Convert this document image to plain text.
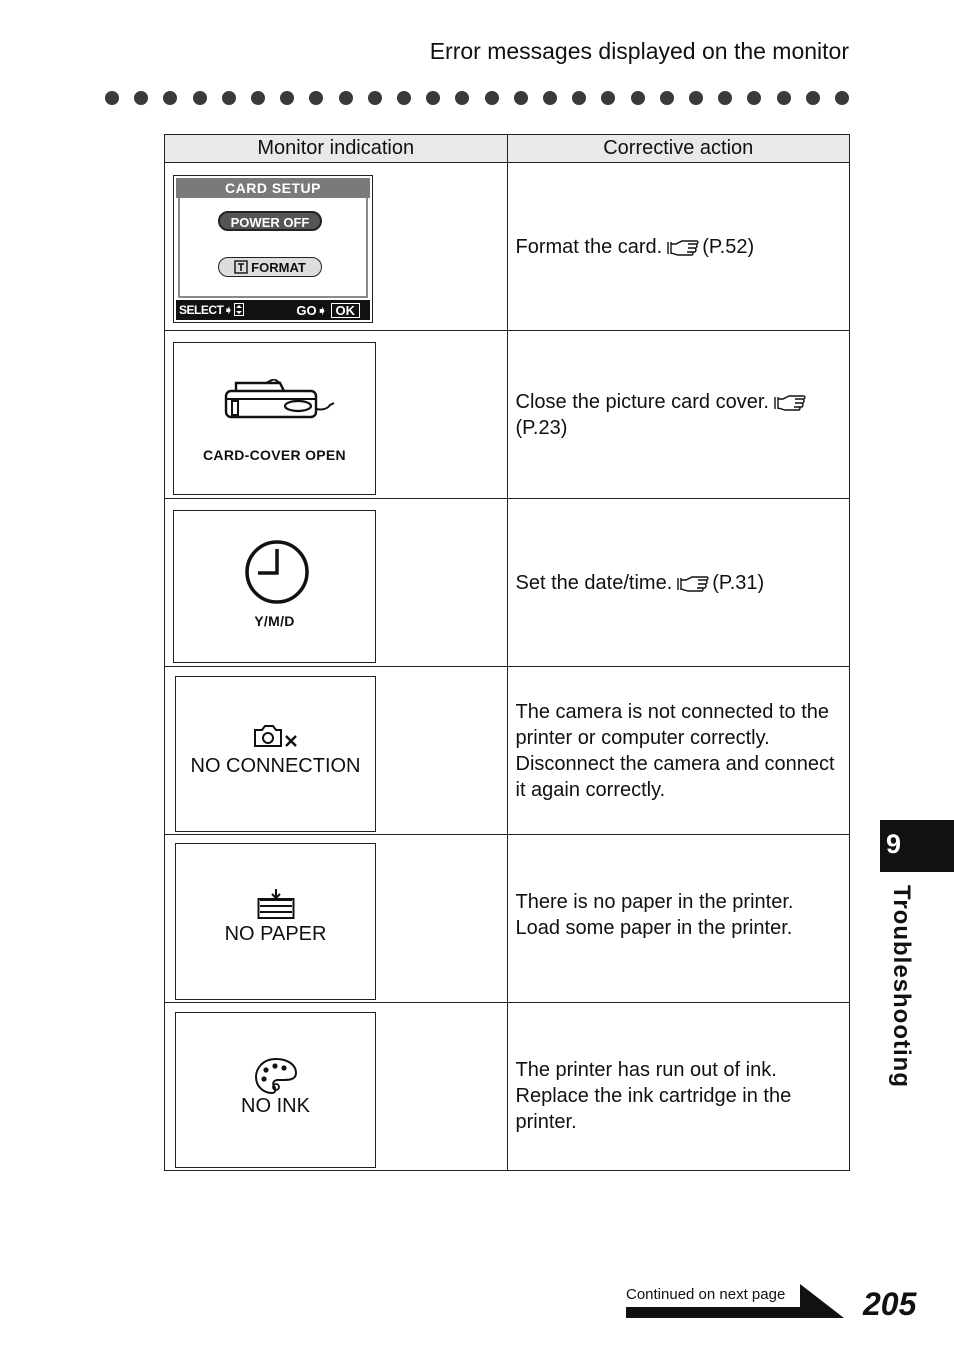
Error messages displayed on the monitor
Monitor indication	Corrective action

CARD SETUP
POWER OFF
FORMAT
SELECT➧ GO➧ OK	Format the card. (P.52)

CARD-COVER OPEN	Close the picture card cover.(P.23)

Y/M/D	Set the date/time. (P.31)

NO CONNECTION	The camera is not connected to the printer or computer correctly. Disconnect the camera and connect it again correctly.

NO PAPER	There is no paper in the printer. Load some paper in the printer.

NO INK	The printer has run out of ink. Replace the ink cartridge in the printer.
9
Troubleshooting
Continued on next page 205
